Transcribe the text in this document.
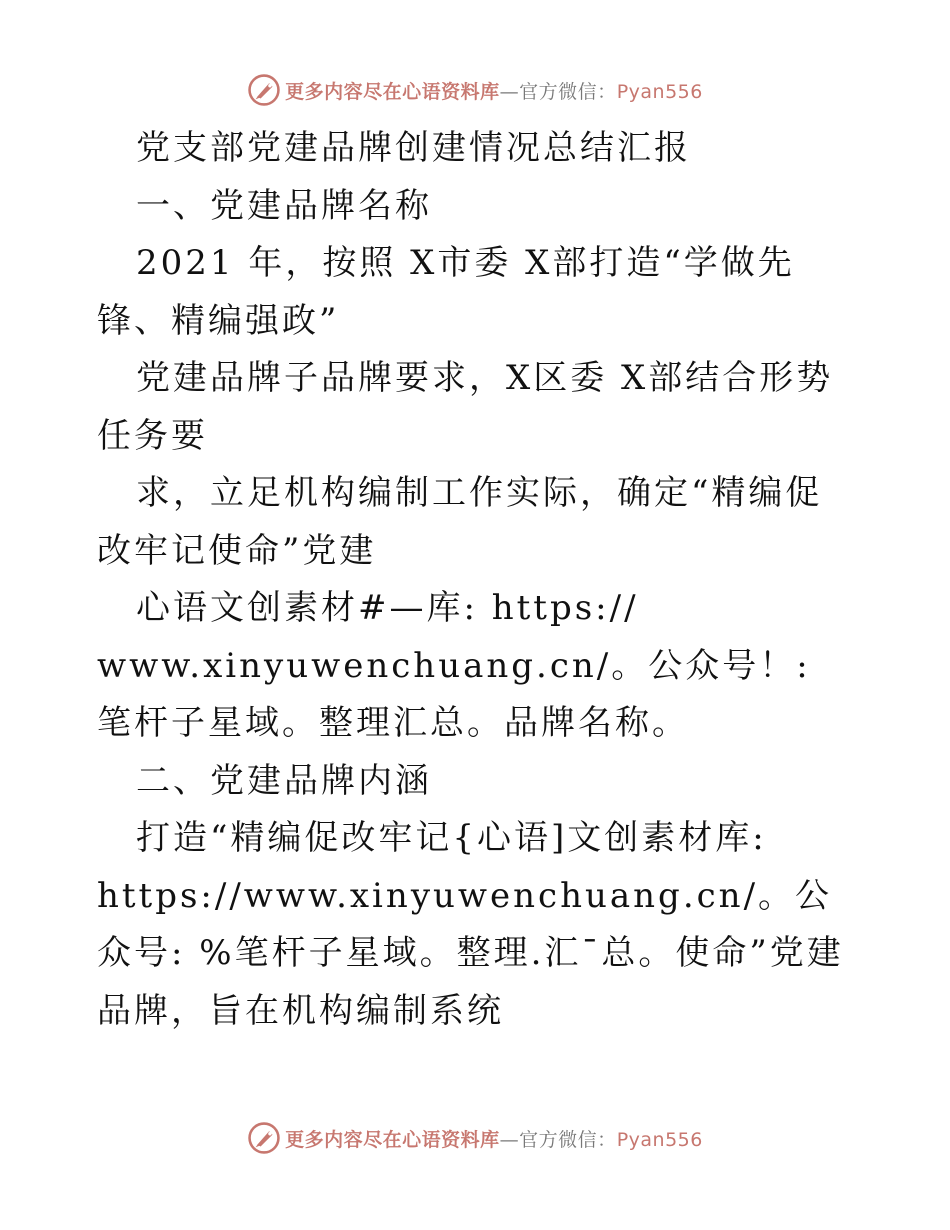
更多内容尽在心语资料库—官方微信：Pyan556

党支部党建品牌创建情况总结汇报

一、党建品牌名称

2021 年，按照 X市委 X部打造“学做先锋、精编强政”

党建品牌子品牌要求，X区委 X部结合形势任务要

求，立足机构编制工作实际，确定“精编促改牢记使命”党建

心语文创素材#—库: https://

www.xinyuwenchuang.cn/。公众号！: 笔杆子星域。整理汇总。品牌名称。

二、党建品牌内涵

打造“精编促改牢记{心语]文创素材库:

https://www.xinyuwenchuang.cn/。公众号: %笔杆子星域。整理.汇¯总。使命”党建品牌，旨在机构编制系统

更多内容尽在心语资料库—官方微信：Pyan556
